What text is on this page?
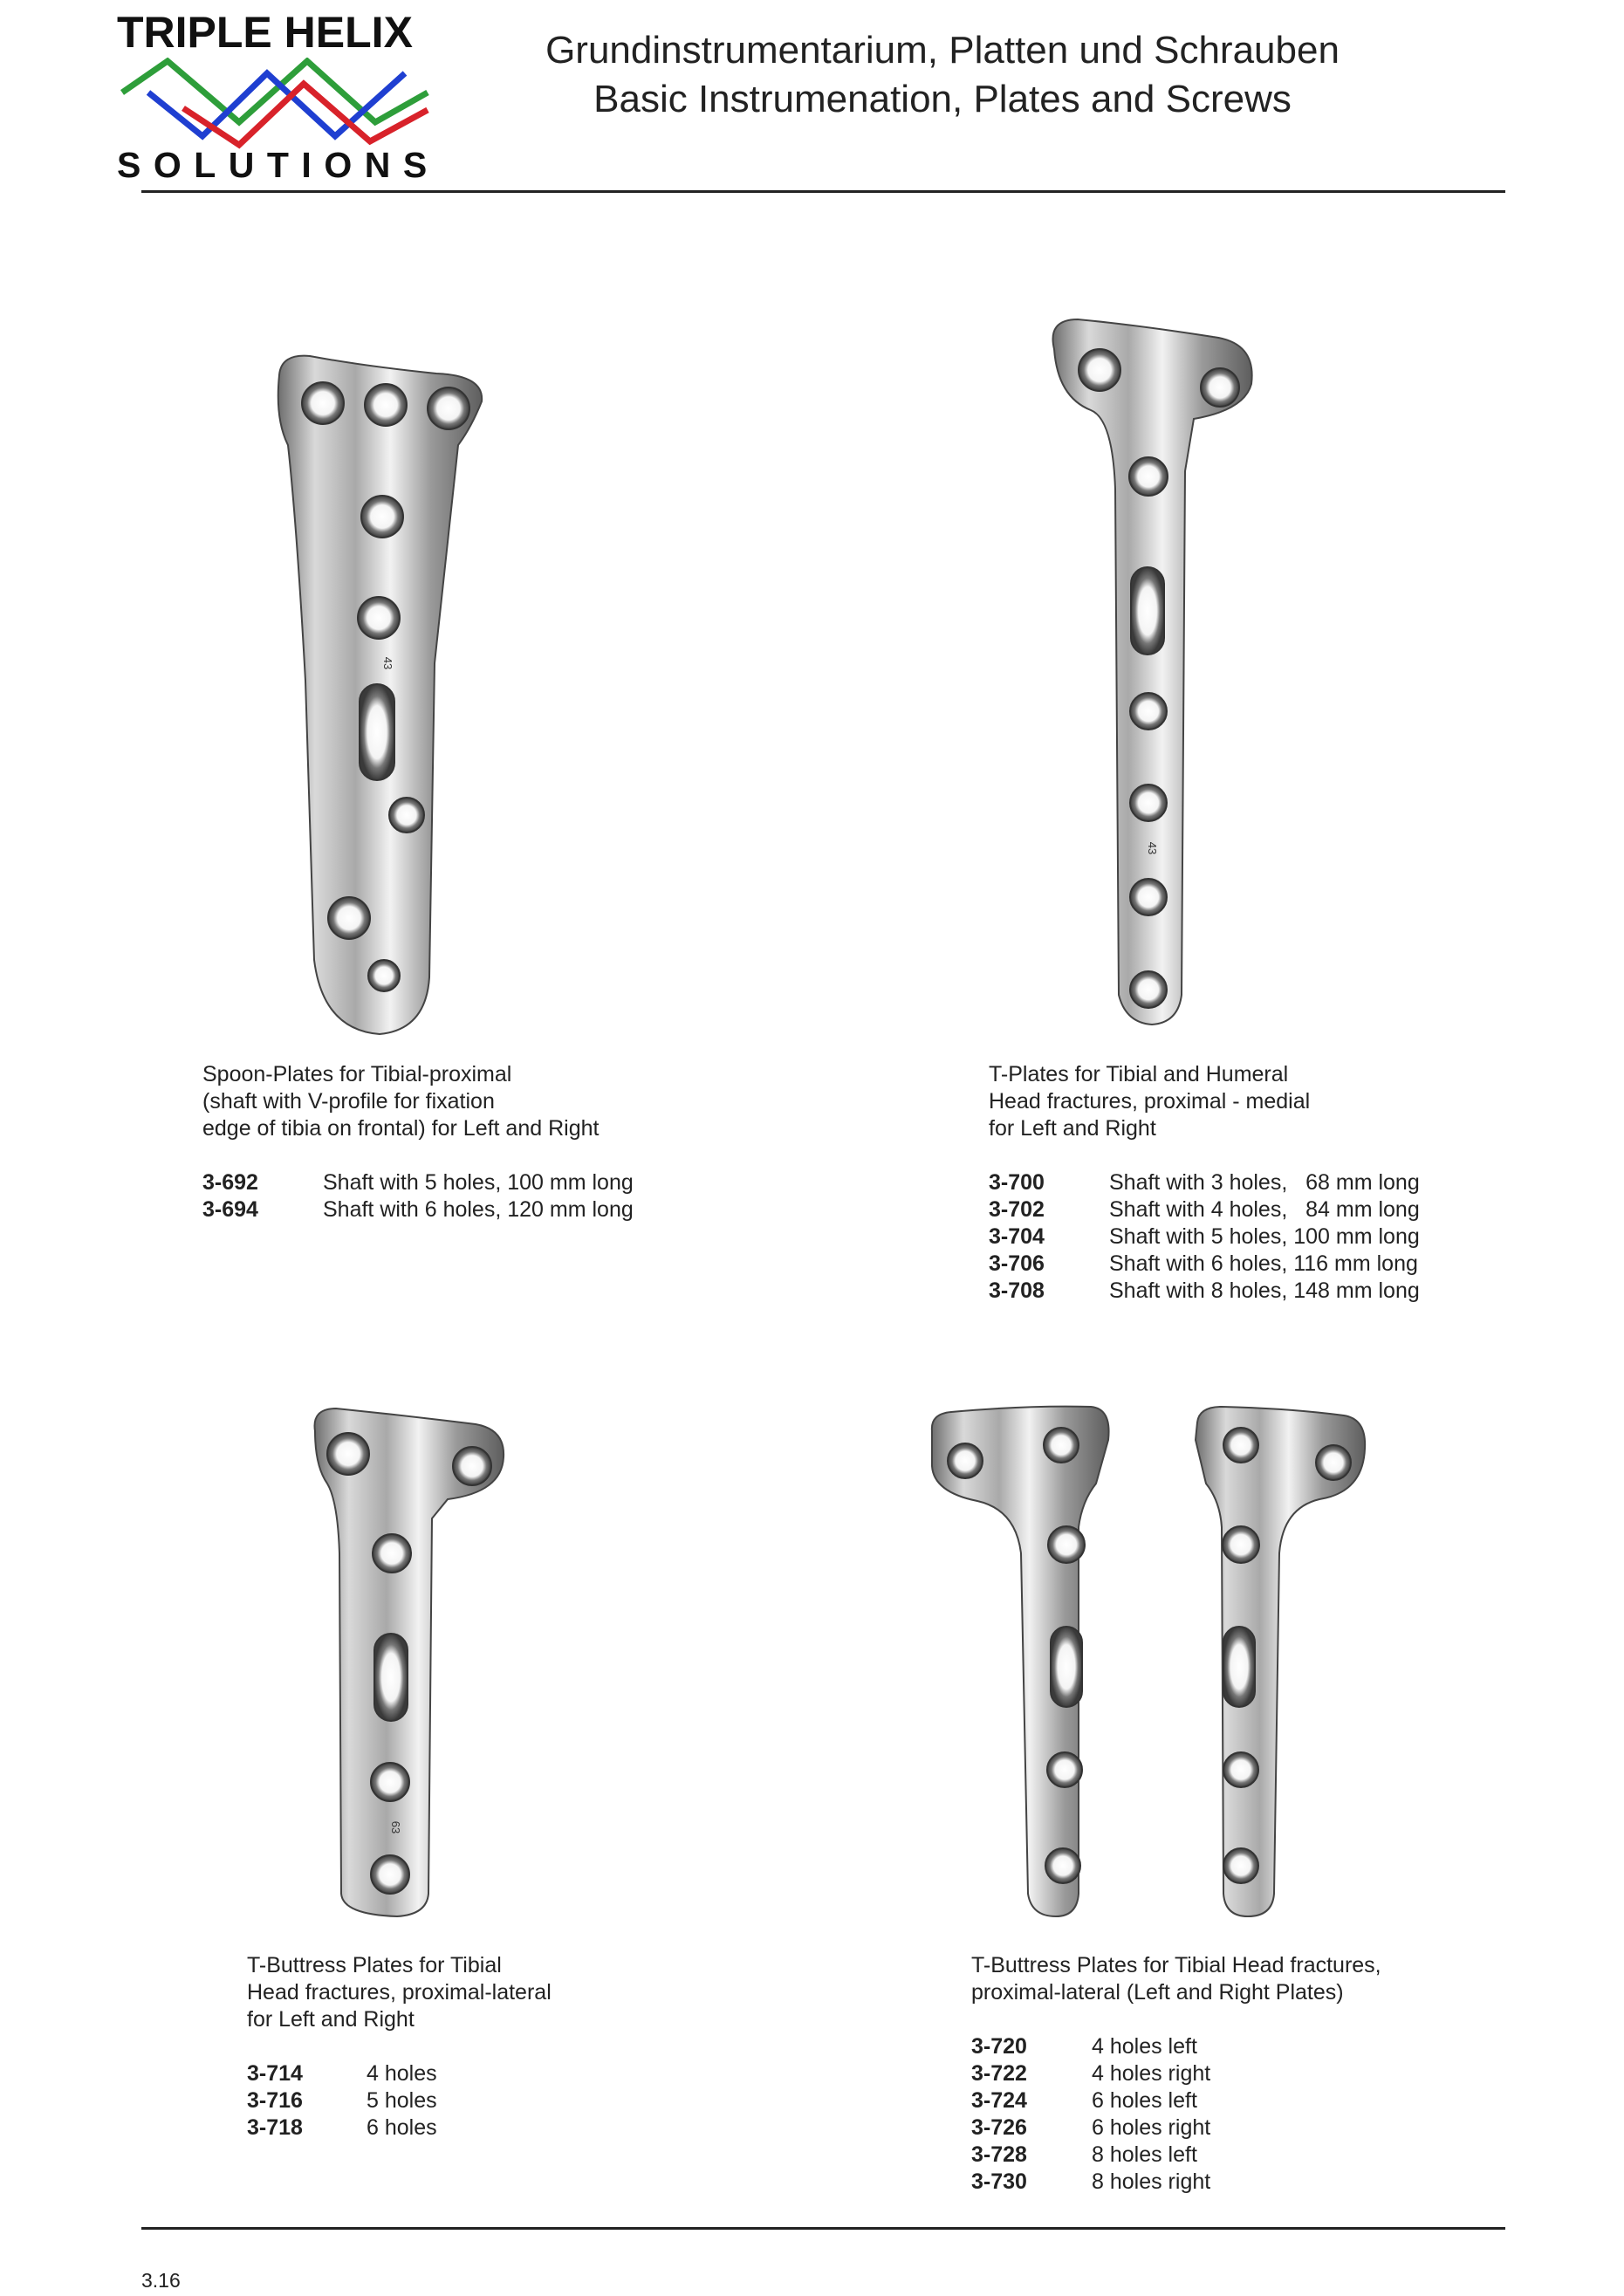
TRIPLE HELIX
SOLUTIONS
Grundinstrumentarium, Platten und Schrauben
Basic Instrumenation, Plates and Screws
43
43
63
Spoon-Plates for Tibial-proximal
(shaft with V-profile for fixation
edge of tibia on frontal) for Left and Right
3-692	Shaft with 5 holes, 100 mm long
3-694	Shaft with 6 holes, 120 mm long
T-Plates for Tibial and Humeral
Head fractures, proximal - medial
for Left and Right
3-700	Shaft with 3 holes,   68 mm long
3-702	Shaft with 4 holes,   84 mm long
3-704	Shaft with 5 holes, 100 mm long
3-706	Shaft with 6 holes, 116 mm long
3-708	Shaft with 8 holes, 148 mm long
T-Buttress Plates for Tibial
Head fractures, proximal-lateral
for Left and Right
3-714	4 holes
3-716	5 holes
3-718	6 holes
T-Buttress Plates for Tibial Head fractures,
proximal-lateral (Left and Right Plates)
3-720	4 holes left
3-722	4 holes right
3-724	6 holes left
3-726	6 holes right
3-728	8 holes left
3-730	8 holes right
3.16
